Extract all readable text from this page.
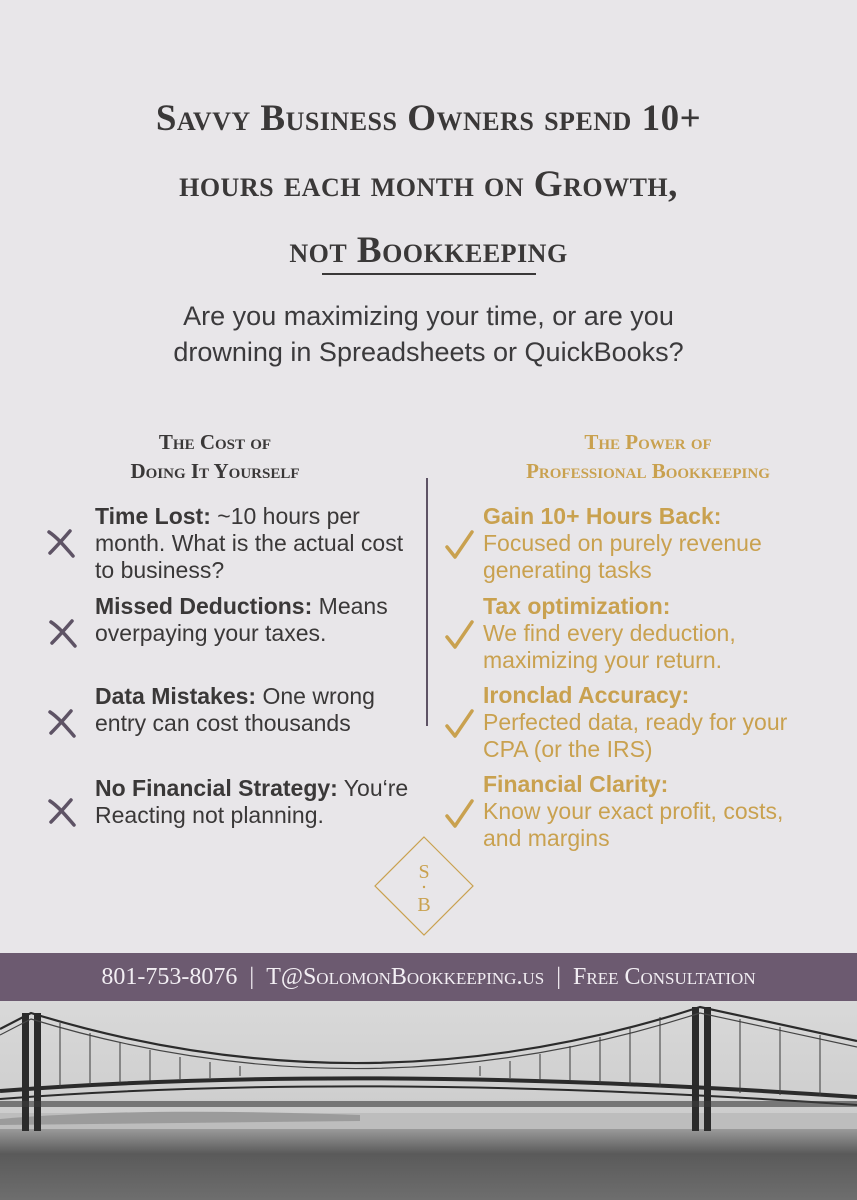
Savvy Business Owners spend 10+
hours each month on Growth,
not Bookkeeping

Are you maximizing your time, or are you
drowning in Spreadsheets or QuickBooks?

The Cost of
Doing It Yourself
Time Lost: ~10 hours per month. What is the actual cost to business?
Missed Deductions: Means overpaying your taxes.
Data Mistakes: One wrong entry can cost thousands
No Financial Strategy: You‘re Reacting not planning.
The Power of
Professional Bookkeeping
Gain 10+ Hours Back:
Focused on purely revenue generating tasks
Tax optimization:
We find every deduction, maximizing your return.
Ironclad Accuracy:
Perfected data, ready for your CPA (or the IRS)
Financial Clarity:
Know your exact profit, costs, and margins
S
B
801-753-8076 | T@SolomonBookkeeping.us | Free Consultation
